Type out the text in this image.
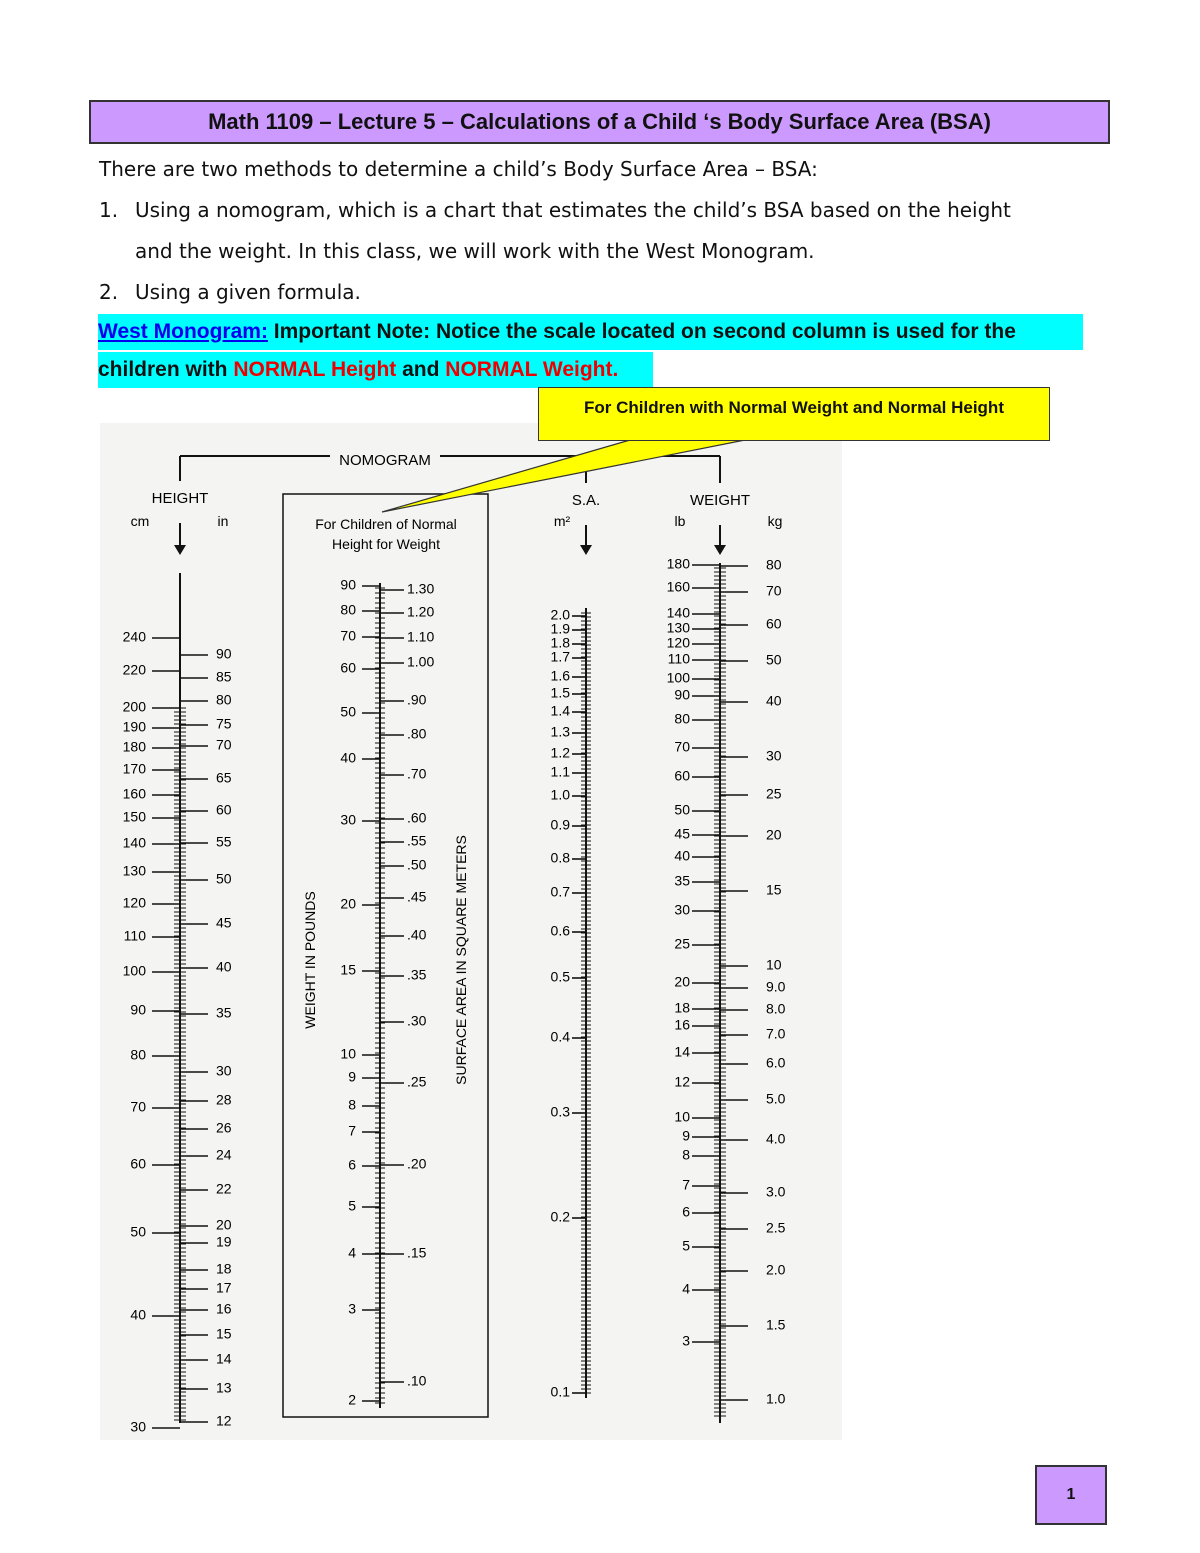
Math 1109 – Lecture 5 – Calculations of a Child ‘s Body Surface Area (BSA)
There are two methods to determine a child’s Body Surface Area – BSA:
1. Using a nomogram, which is a chart that estimates the child’s BSA based on the height
and the weight. In this class, we will work with the West Monogram.
2. Using a given formula.
West Monogram: Important Note: Notice the scale located on second column is used for the
children with NORMAL Height and NORMAL Weight.
NOMOGRAM
HEIGHT
cm	in	For Children of Normal
Height for Weight
WEIGHT IN POUNDS	SURFACE AREA IN SQUARE METERS
S.A.
m²
WEIGHT
lb	kg
240
220
200
190
180
170
160
150
140
130
120
110
100
90
80
70
60
50
40
30
90
85
80
75
70
65
60
55
50
45
40
35
30
28
26
24
22
20
19
18
17
16
15
14
13
12
90
80
70
60
50
40
30
20
15
10
9
8
7
6
5
4
3
2
1.30
1.20
1.10
1.00
.90
.80
.70
.60
.55
.50
.45
.40
.35
.30
.25
.20
.15
.10
2.0
1.9
1.8
1.7
1.6
1.5
1.4
1.3
1.2
1.1
1.0
0.9
0.8
0.7
0.6
0.5
0.4
0.3
0.2
0.1
180
160
140
130
120
110
100
90
80
70
60
50
45
40
35
30
25
20
18
16
14
12
10
9
8
7
6
5
4
3
80
70
60
50
40
30
25
20
15
10
9.0
8.0
7.0
6.0
5.0
4.0
3.0
2.5
2.0
1.5
1.0
For Children with Normal Weight and Normal Height
1
